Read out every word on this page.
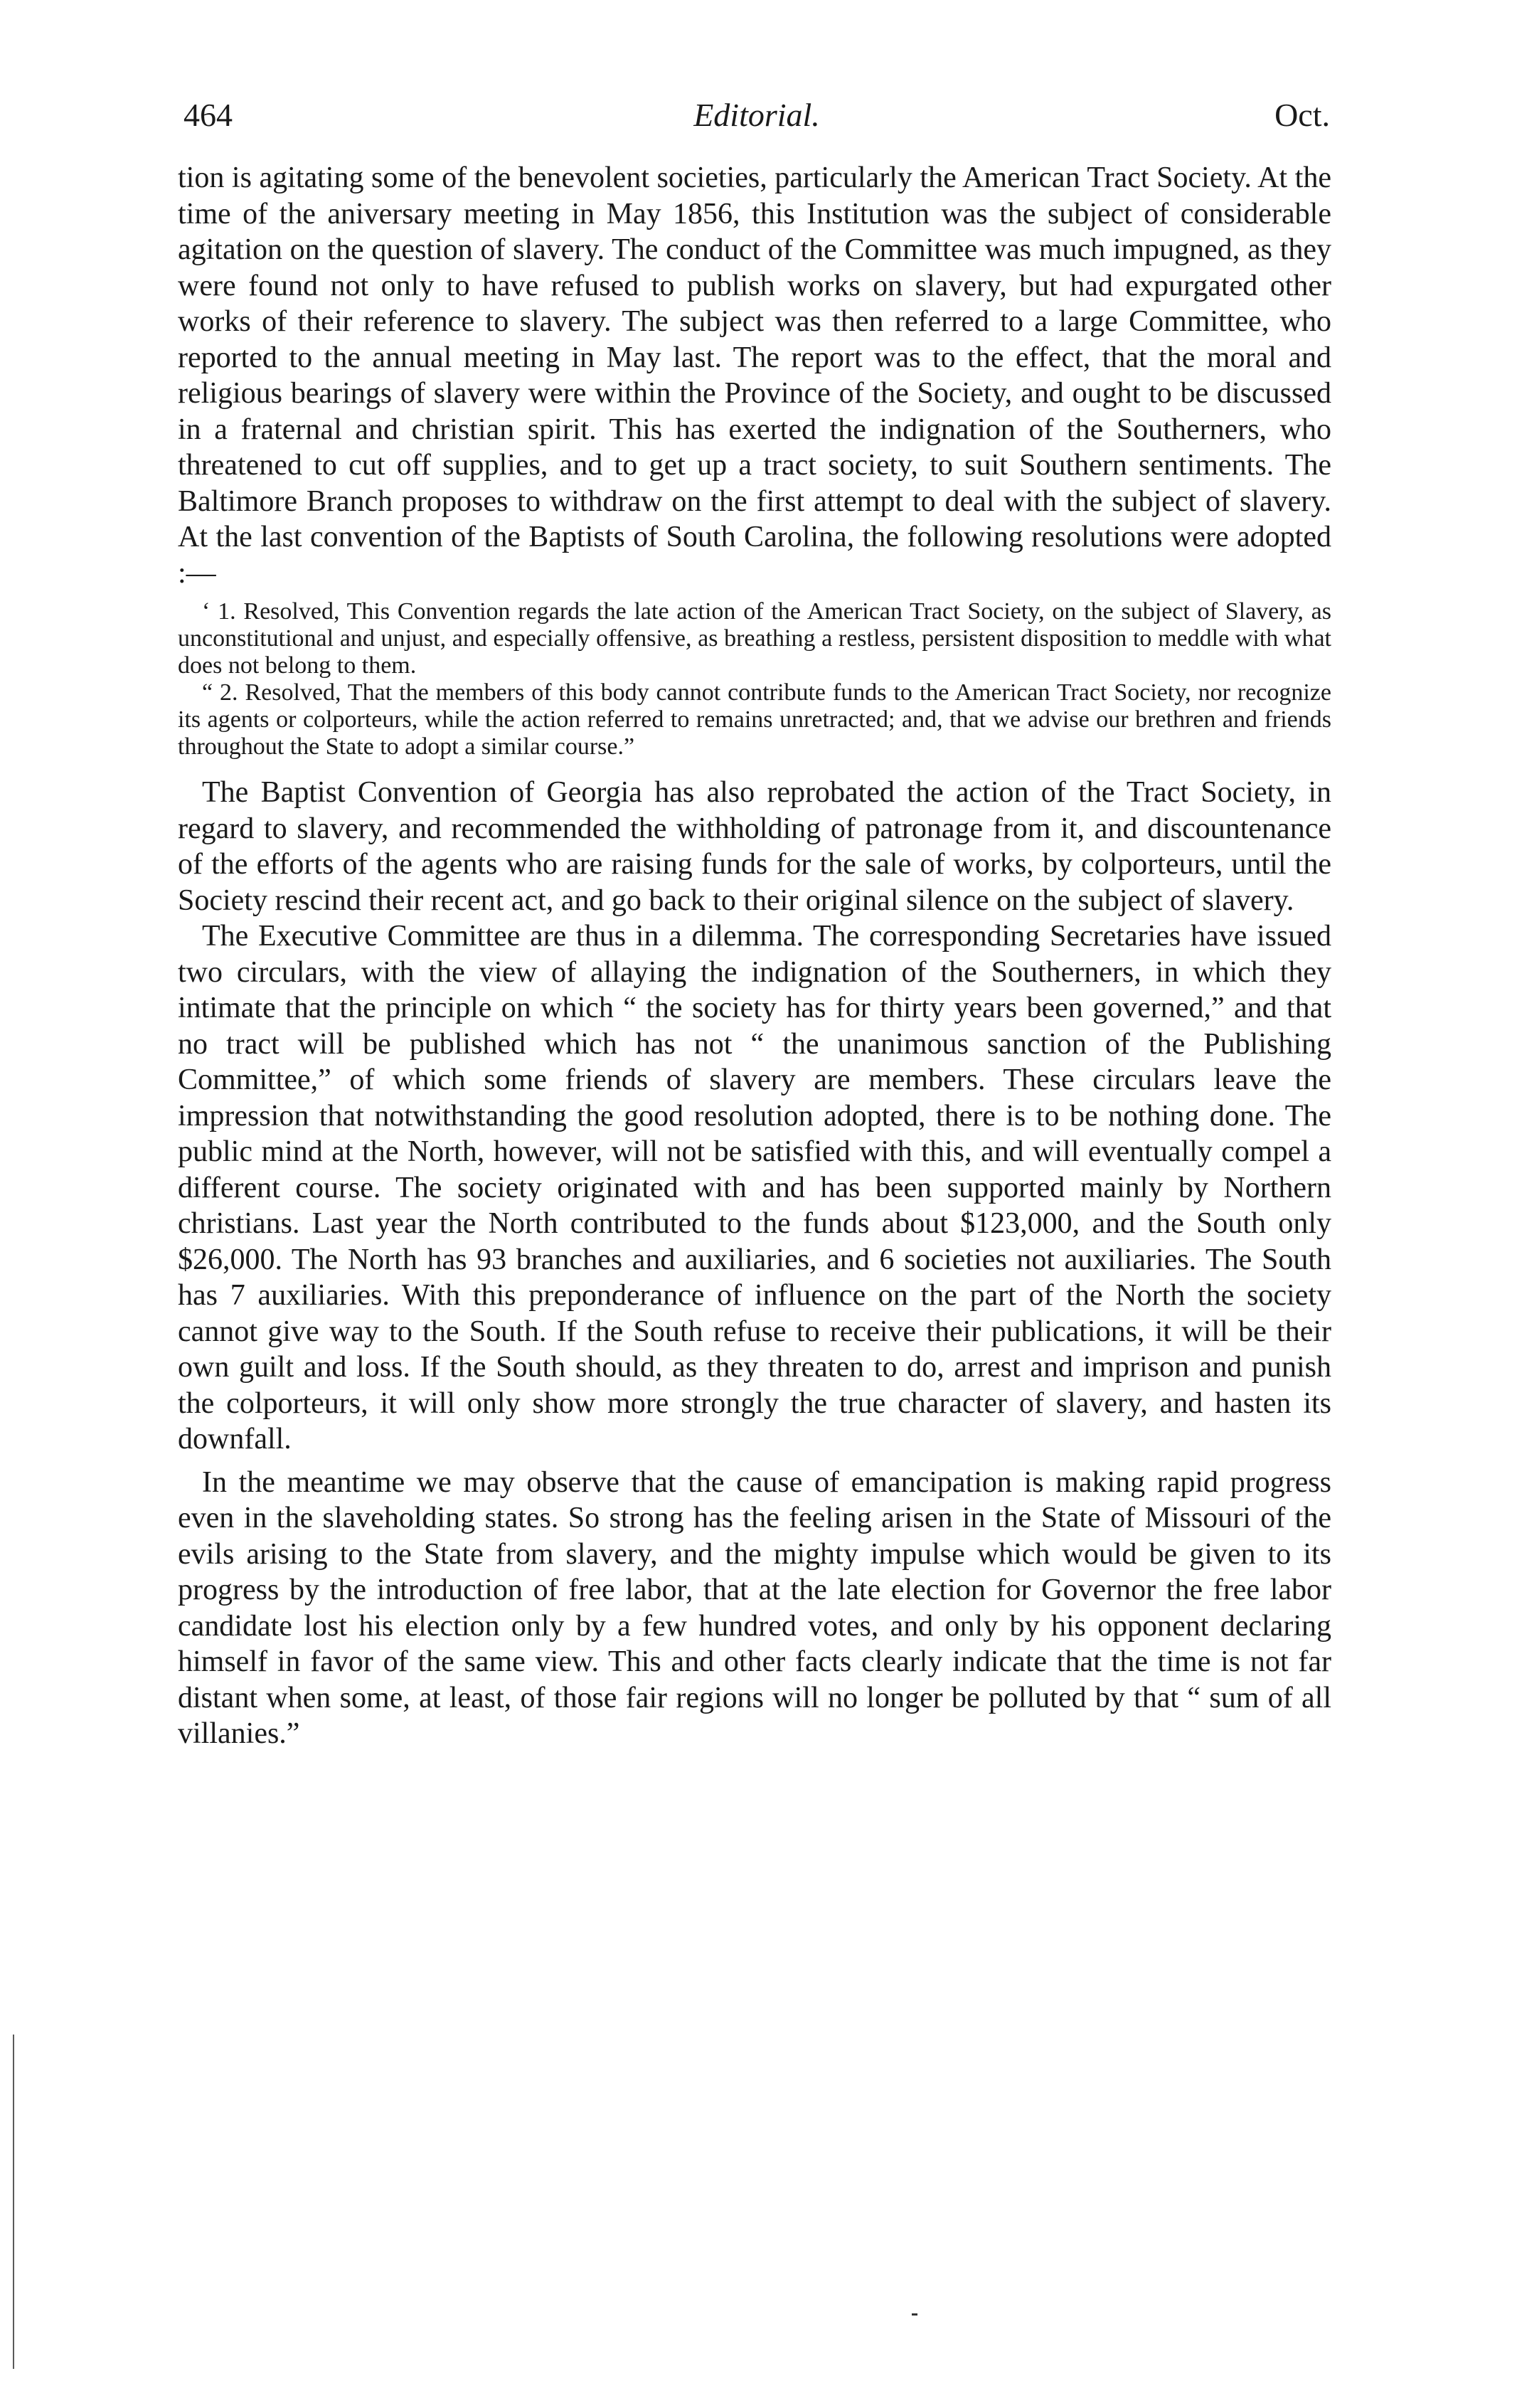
464	Editorial.	Oct.

tion is agitating some of the benevolent societies, particularly the American Tract Society. At the time of the aniversary meeting in May 1856, this Institution was the subject of considerable agitation on the question of slavery. The conduct of the Committee was much impugned, as they were found not only to have refused to publish works on slavery, but had expurgated other works of their reference to slavery. The subject was then referred to a large Committee, who reported to the annual meeting in May last. The report was to the effect, that the moral and religious bearings of slavery were within the Province of the Society, and ought to be discussed in a fraternal and christian spirit. This has exerted the indignation of the Southerners, who threatened to cut off supplies, and to get up a tract society, to suit Southern sentiments. The Baltimore Branch proposes to withdraw on the first attempt to deal with the subject of slavery. At the last convention of the Baptists of South Carolina, the following resolutions were adopted :—

‘ 1. Resolved, This Convention regards the late action of the American Tract Society, on the subject of Slavery, as unconstitutional and unjust, and especially offensive, as breathing a restless, persistent disposition to meddle with what does not belong to them.

“ 2. Resolved, That the members of this body cannot contribute funds to the American Tract Society, nor recognize its agents or colporteurs, while the action referred to remains unretracted; and, that we advise our brethren and friends throughout the State to adopt a similar course.”

The Baptist Convention of Georgia has also reprobated the action of the Tract Society, in regard to slavery, and recommended the withholding of patronage from it, and discountenance of the efforts of the agents who are raising funds for the sale of works, by colporteurs, until the Society rescind their recent act, and go back to their original silence on the subject of slavery.

The Executive Committee are thus in a dilemma. The corresponding Secretaries have issued two circulars, with the view of allaying the indignation of the Southerners, in which they intimate that the principle on which “ the society has for thirty years been governed,” and that no tract will be published which has not “ the unanimous sanction of the Publishing Committee,” of which some friends of slavery are members. These circulars leave the impression that notwithstanding the good resolution adopted, there is to be nothing done. The public mind at the North, however, will not be satisfied with this, and will eventually compel a different course. The society originated with and has been supported mainly by Northern christians. Last year the North contributed to the funds about $123,000, and the South only $26,000. The North has 93 branches and auxiliaries, and 6 societies not auxiliaries. The South has 7 auxiliaries. With this preponderance of influence on the part of the North the society cannot give way to the South. If the South refuse to receive their publications, it will be their own guilt and loss. If the South should, as they threaten to do, arrest and imprison and punish the colporteurs, it will only show more strongly the true character of slavery, and hasten its downfall.

In the meantime we may observe that the cause of emancipation is making rapid progress even in the slaveholding states. So strong has the feeling arisen in the State of Missouri of the evils arising to the State from slavery, and the mighty impulse which would be given to its progress by the introduction of free labor, that at the late election for Governor the free labor candidate lost his election only by a few hundred votes, and only by his opponent declaring himself in favor of the same view. This and other facts clearly indicate that the time is not far distant when some, at least, of those fair regions will no longer be polluted by that “ sum of all villanies.”
